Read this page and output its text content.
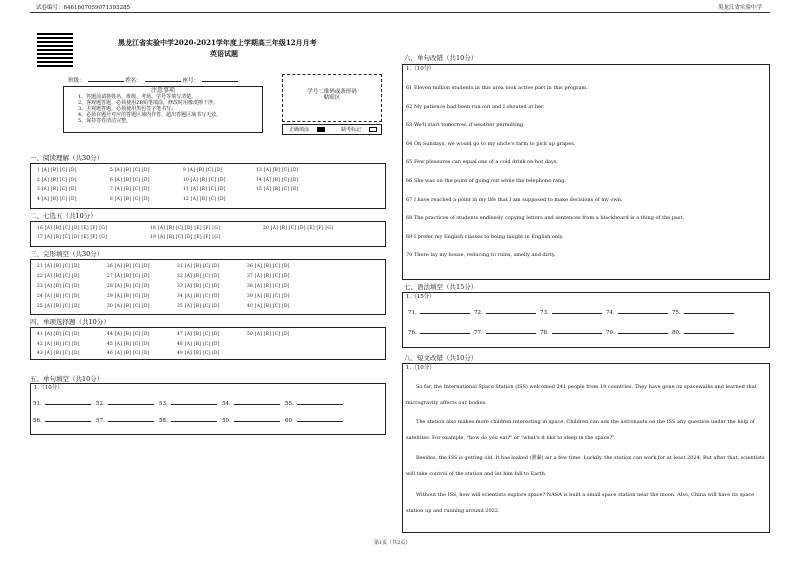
试卷编号：6461607059071393285	黑龙江省实验中学
黑龙江省实验中学2020-2021学年度上学期高三年级12月月考
英语试题
班级：	姓名：	座号：
注意事项
1、答题前请将姓名、班级、考场、学号等填写清楚。
2、客观题答题，必须使用2B铅笔填涂，修改时用橡皮擦干净。
3、主观题答题，必须使用黑色签字笔书写。
4、必须在题号对应的答题区域内作答，超出答题区域书写无效。
5、保持答卷清洁完整。
学号二维码或条形码
粘贴区
正确填涂	缺考标记
一、阅读理解（共30分）
1 [A] [B] [C] [D]	5 [A] [B] [C] [D]	9 [A] [B] [C] [D]	13 [A] [B] [C] [D]
2 [A] [B] [C] [D]	6 [A] [B] [C] [D]	10 [A] [B] [C] [D]	14 [A] [B] [C] [D]
3 [A] [B] [C] [D]	7 [A] [B] [C] [D]	11 [A] [B] [C] [D]	15 [A] [B] [C] [D]
4 [A] [B] [C] [D]	8 [A] [B] [C] [D]	12 [A] [B] [C] [D]
二、七选五（共10分）
16 [A] [B] [C] [D] [E] [F] [G]	18 [A] [B] [C] [D] [E] [F] [G]	20 [A] [B] [C] [D] [E] [F] [G]
17 [A] [B] [C] [D] [E] [F] [G]	19 [A] [B] [C] [D] [E] [F] [G]
三、完形填空（共30分）
21 [A] [B] [C] [D]	26 [A] [B] [C] [D]	31 [A] [B] [C] [D]	36 [A] [B] [C] [D]
22 [A] [B] [C] [D]	27 [A] [B] [C] [D]	32 [A] [B] [C] [D]	37 [A] [B] [C] [D]
23 [A] [B] [C] [D]	28 [A] [B] [C] [D]	33 [A] [B] [C] [D]	38 [A] [B] [C] [D]
24 [A] [B] [C] [D]	29 [A] [B] [C] [D]	34 [A] [B] [C] [D]	39 [A] [B] [C] [D]
25 [A] [B] [C] [D]	30 [A] [B] [C] [D]	35 [A] [B] [C] [D]	40 [A] [B] [C] [D]
四、单项选择题（共10分）
41 [A] [B] [C] [D]	44 [A] [B] [C] [D]	47 [A] [B] [C] [D]	50 [A] [B] [C] [D]
42 [A] [B] [C] [D]	45 [A] [B] [C] [D]	48 [A] [B] [C] [D]
43 [A] [B] [C] [D]	46 [A] [B] [C] [D]	49 [A] [B] [C] [D]
五、单句填空（共10分）
1.（10分）
51.	52.	53.	54.	55.
56.	57.	58.	59.	60.
六、单句改错（共10分）
1.（10分）
61 Eleven million students in this area took active part in this program.
62 My patience had been run out and I shouted at her.
63 We'll start tomorrow, if weather permitting.
64 On Sundays, we would go to my uncle's farm to pick up grapes.
65 Few pleasures can equal one of a cold drink on hot days.
66 She was on the point of going out while the telephone rang.
67 I have reached a point in my life that I am supposed to make decisions of my own.
68 The practices of students endlessly copying letters and sentences from a blackboard is a thing of the past.
69 I prefer my English classes to being taught in English only.
70 There lay my house, reducing to ruins, smelly and dirty.
七、语法填空（共15分）
1.（15分）
71.	72.	73.	74.	75.
76.	77.	78.	79.	80.
八、短文改错（共10分）
1.（10分）
So far, the International Space Station (ISS) welcomed 241 people from 19 countries. They have gone on spacewalks and learned that microgravity affects our bodies.
The station also makes more children interesting in space. Children can ask the astronauts on the ISS any question under the help of satellites. For example, "how do you eat?" or "what's it like to sleep in the space?"
Besides, the ISS is getting old. It has leaked (泄漏) air a few time. Luckily, the station can work for at least 2024. But after that, scientists will take control of the station and let him fall to Earth.
Without the ISS, how will scientists explore space? NASA is built a small space station near the moon. Also, China will have its space station up and running around 2022.
第1页（共2页）
